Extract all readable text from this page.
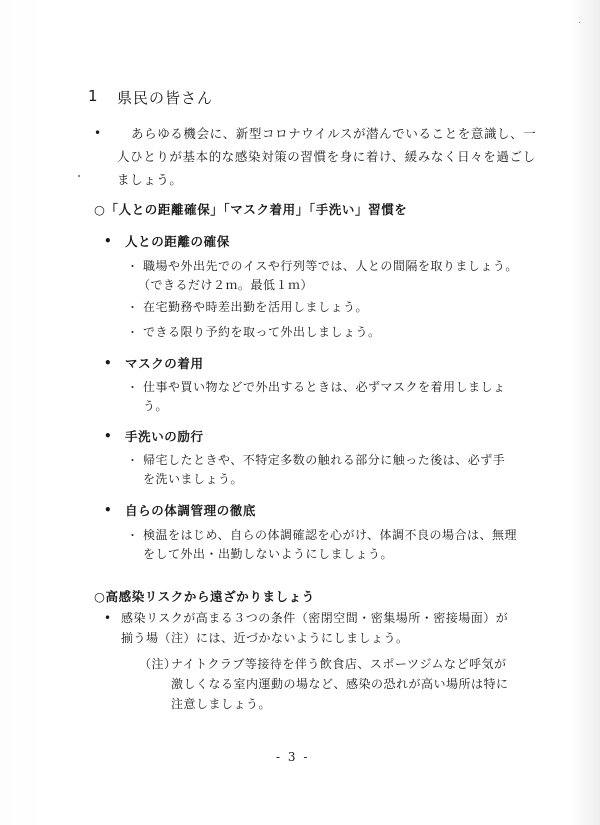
1 県民の皆さん
• あらゆる機会に、新型コロナウイルスが潜んでいることを意識し、一
人ひとりが基本的な感染対策の習慣を身に着け、緩みなく日々を過ごし
ましょう。
○「人との距離確保」「マスク着用」「手洗い」習慣を
• 人との距離の確保
・ 職場や外出先でのイスや行列等では、人との間隔を取りましょう。
（できるだけ２ｍ。最低１ｍ）
・ 在宅勤務や時差出勤を活用しましょう。
・ できる限り予約を取って外出しましょう。
• マスクの着用
・ 仕事や買い物などで外出するときは、必ずマスクを着用しましょ
う。
• 手洗いの励行
・ 帰宅したときや、不特定多数の触れる部分に触った後は、必ず手
を洗いましょう。
• 自らの体調管理の徹底
・ 検温をはじめ、自らの体調確認を心がけ、体調不良の場合は、無理
をして外出・出勤しないようにしましょう。
○高感染リスクから遠ざかりましょう
• 感染リスクが高まる３つの条件（密閉空間・密集場所・密接場面）が
揃う場（注）には、近づかないようにしましょう。
（注）
ナイトクラブ等接待を伴う飲食店、スポーツジムなど呼気が
激しくなる室内運動の場など、感染の恐れが高い場所は特に
注意しましょう。
- 3 -
